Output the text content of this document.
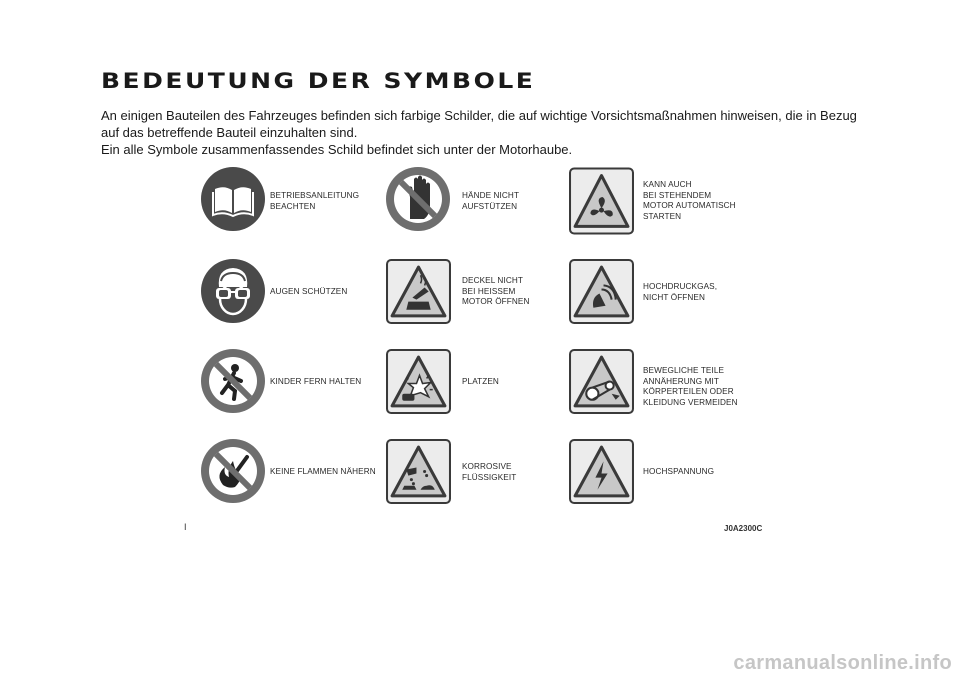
BEDEUTUNG DER SYMBOLE
An einigen Bauteilen des Fahrzeuges befinden sich farbige Schilder, die auf wichtige Vorsichtsmaßnahmen hinweisen, die in Bezug auf das betreffende Bauteil einzuhalten sind.
Ein alle Symbole zusammenfassendes Schild befindet sich unter der Motorhaube.
BETRIEBSANLEITUNG
BEACHTEN
AUGEN SCHÜTZEN
KINDER FERN HALTEN
KEINE FLAMMEN NÄHERN
HÄNDE NICHT
AUFSTÜTZEN
DECKEL NICHT
BEI HEISSEM
MOTOR ÖFFNEN
PLATZEN
KORROSIVE
FLÜSSIGKEIT
KANN AUCH
BEI STEHENDEM
MOTOR AUTOMATISCH
STARTEN
HOCHDRUCKGAS,
NICHT ÖFFNEN
BEWEGLICHE TEILE
ANNÄHERUNG MIT
KÖRPERTEILEN ODER
KLEIDUNG VERMEIDEN
HOCHSPANNUNG
I	J0A2300C
carmanualsonline.info
